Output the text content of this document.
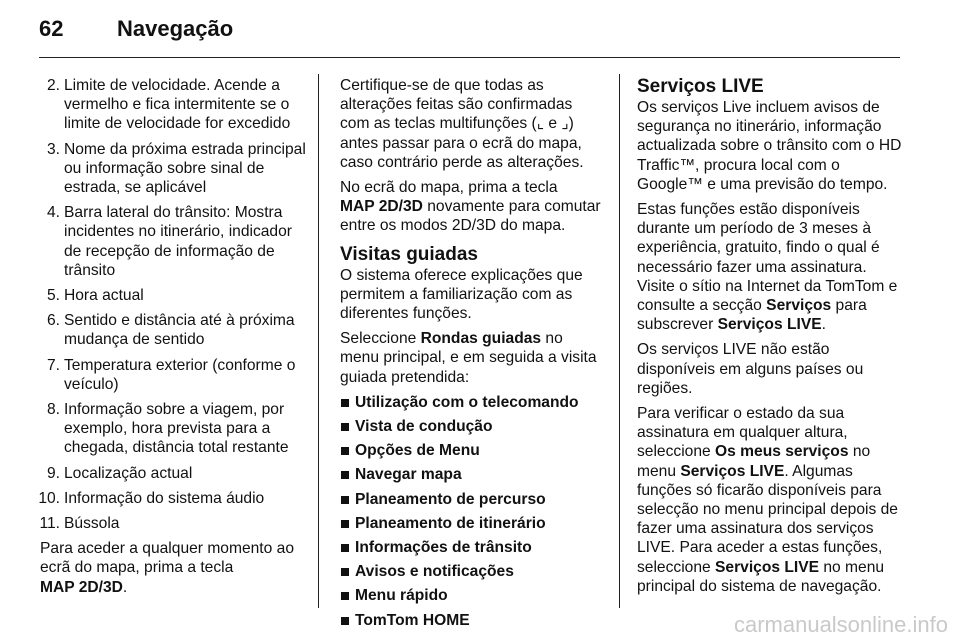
62 Navegação
2. Limite de velocidade. Acende a vermelho e fica intermitente se o limite de velocidade for excedido
3. Nome da próxima estrada principal ou informação sobre sinal de estrada, se aplicável
4. Barra lateral do trânsito: Mostra incidentes no itinerário, indicador de recepção de informação de trânsito
5. Hora actual
6. Sentido e distância até à próxima mudança de sentido
7. Temperatura exterior (conforme o veículo)
8. Informação sobre a viagem, por exemplo, hora prevista para a chegada, distância total restante
9. Localização actual
10. Informação do sistema áudio
11. Bússola

Para aceder a qualquer momento ao ecrã do mapa, prima a tecla
MAP 2D/3D.

Certifique-se de que todas as alterações feitas são confirmadas com as teclas multifunções (⌞ e ⌟) antes passar para o ecrã do mapa, caso contrário perde as alterações.

No ecrã do mapa, prima a tecla
MAP 2D/3D novamente para comutar entre os modos 2D/3D do mapa.

Visitas guiadas

O sistema oferece explicações que permitem a familiarização com as diferentes funções.

Seleccione Rondas guiadas no menu principal, e em seguida a visita guiada pretendida:

Utilização com o telecomando
Vista de condução
Opções de Menu
Navegar mapa
Planeamento de percurso
Planeamento de itinerário
Informações de trânsito
Avisos e notificações
Menu rápido
TomTom HOME
Serviços LIVE

Os serviços Live incluem avisos de segurança no itinerário, informação actualizada sobre o trânsito com o HD Traffic™, procura local com o Google™ e uma previsão do tempo.

Estas funções estão disponíveis durante um período de 3 meses à experiência, gratuito, findo o qual é necessário fazer uma assinatura. Visite o sítio na Internet da TomTom e consulte a secção Serviços para subscrever Serviços LIVE.

Os serviços LIVE não estão disponíveis em alguns países ou regiões.

Para verificar o estado da sua assinatura em qualquer altura, seleccione Os meus serviços no menu Serviços LIVE. Algumas funções só ficarão disponíveis para selecção no menu principal depois de fazer uma assinatura dos serviços LIVE. Para aceder a estas funções, seleccione Serviços LIVE no menu principal do sistema de navegação.

carmanualsonline.info
